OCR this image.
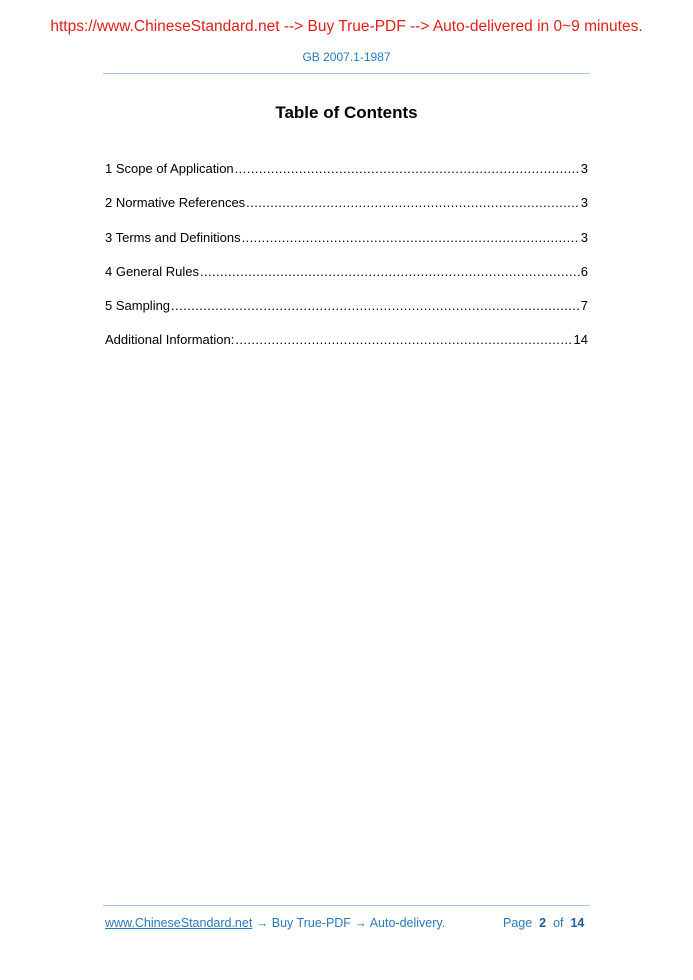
https://www.ChineseStandard.net --> Buy True-PDF --> Auto-delivered in 0~9 minutes.
GB 2007.1-1987
Table of Contents
1 Scope of Application .....	3
2 Normative References .....	3
3 Terms and Definitions .....	3
4 General Rules .....	6
5 Sampling .....	7
Additional Information: .....	14
www.ChineseStandard.net → Buy True-PDF → Auto-delivery.	Page 2 of 14
